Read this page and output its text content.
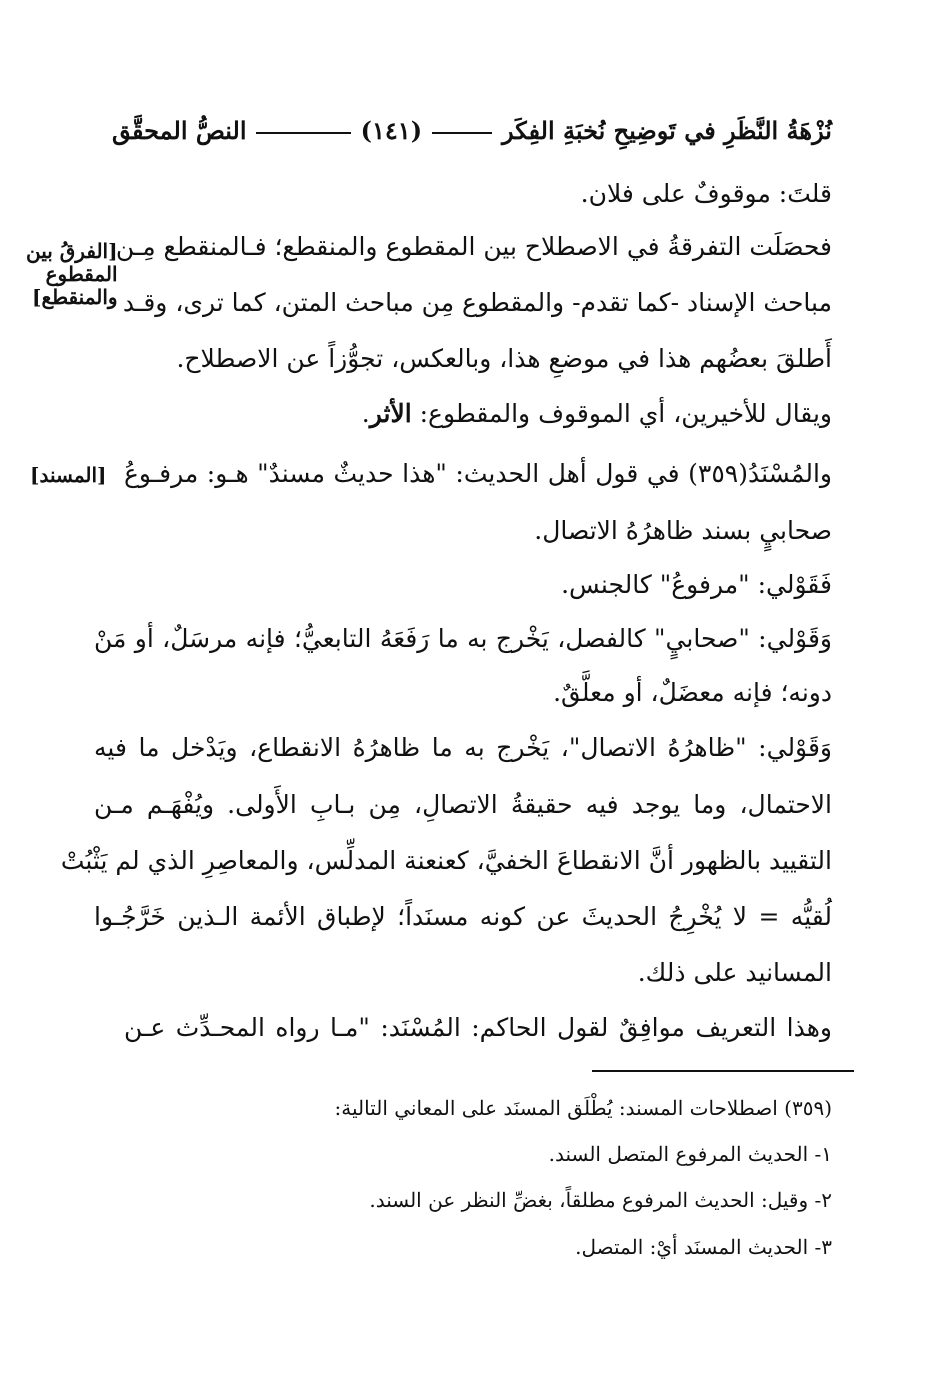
نُزْهَةُ النَّظَرِ في تَوضِيحِ نُخبَةِ الفِكَر
(١٤١)
النصُّ المحقَّق
قلتَ: موقوفٌ على فلان.
فحصَلَت التفرقةُ في الاصطلاح بين المقطوع والمنقطع؛ فـالمنقطع مِـن
مباحث الإسناد -كما تقدم- والمقطوع مِن مباحث المتن، كما ترى، وقـد
أَطلقَ بعضُهم هذا في موضعِ هذا، وبالعكس، تجوُّزاً عن الاصطلاح.
ويقال للأخيرين، أي الموقوف والمقطوع: الأثر.
والمُسْنَدُ(٣٥٩) في قول أهل الحديث: "هذا حديثٌ مسندٌ" هـو: مرفـوعُ
صحابيٍ بسند ظاهرُهُ الاتصال.
فَقَوْلي: "مرفوعُ" كالجنس.
وَقَوْلي: "صحابيٍ" كالفصل، يَخْرج به ما رَفَعَهُ التابعيُّ؛ فإنه مرسَلٌ، أو مَنْ
دونه؛ فإنه معضَلٌ، أو معلَّقٌ.
وَقَوْلي: "ظاهرُهُ الاتصال"، يَخْرج به ما ظاهرُهُ الانقطاع، ويَدْخل ما فيه
الاحتمال، وما يوجد فيه حقيقةُ الاتصالِ، مِن بـابِ الأَولى. ويُفْهَـم مـن
التقييد بالظهور أنَّ الانقطاعَ الخفيَّ، كعنعنة المدلِّس، والمعاصِرِ الذي لم يَثْبُتْ
لُقيُّه = لا يُخْرِجُ الحديثَ عن كونه مسنَداً؛ لإطباق الأئمة الـذين خَرَّجُـوا
المسانيد على ذلك.
وهذا التعريف موافِقٌ لقول الحاكم: المُسْنَد: "مـا رواه المحـدِّث عـن
[الفرقُ بين
المقطوع
والمنقطع]
[المسند]
(٣٥٩) اصطلاحات المسند: يُطْلَق المسنَد على المعاني التالية:
١- الحديث المرفوع المتصل السند.
٢- وقيل: الحديث المرفوع مطلقاً، بغضِّ النظر عن السند.
٣- الحديث المسنَد أيْ: المتصل.
